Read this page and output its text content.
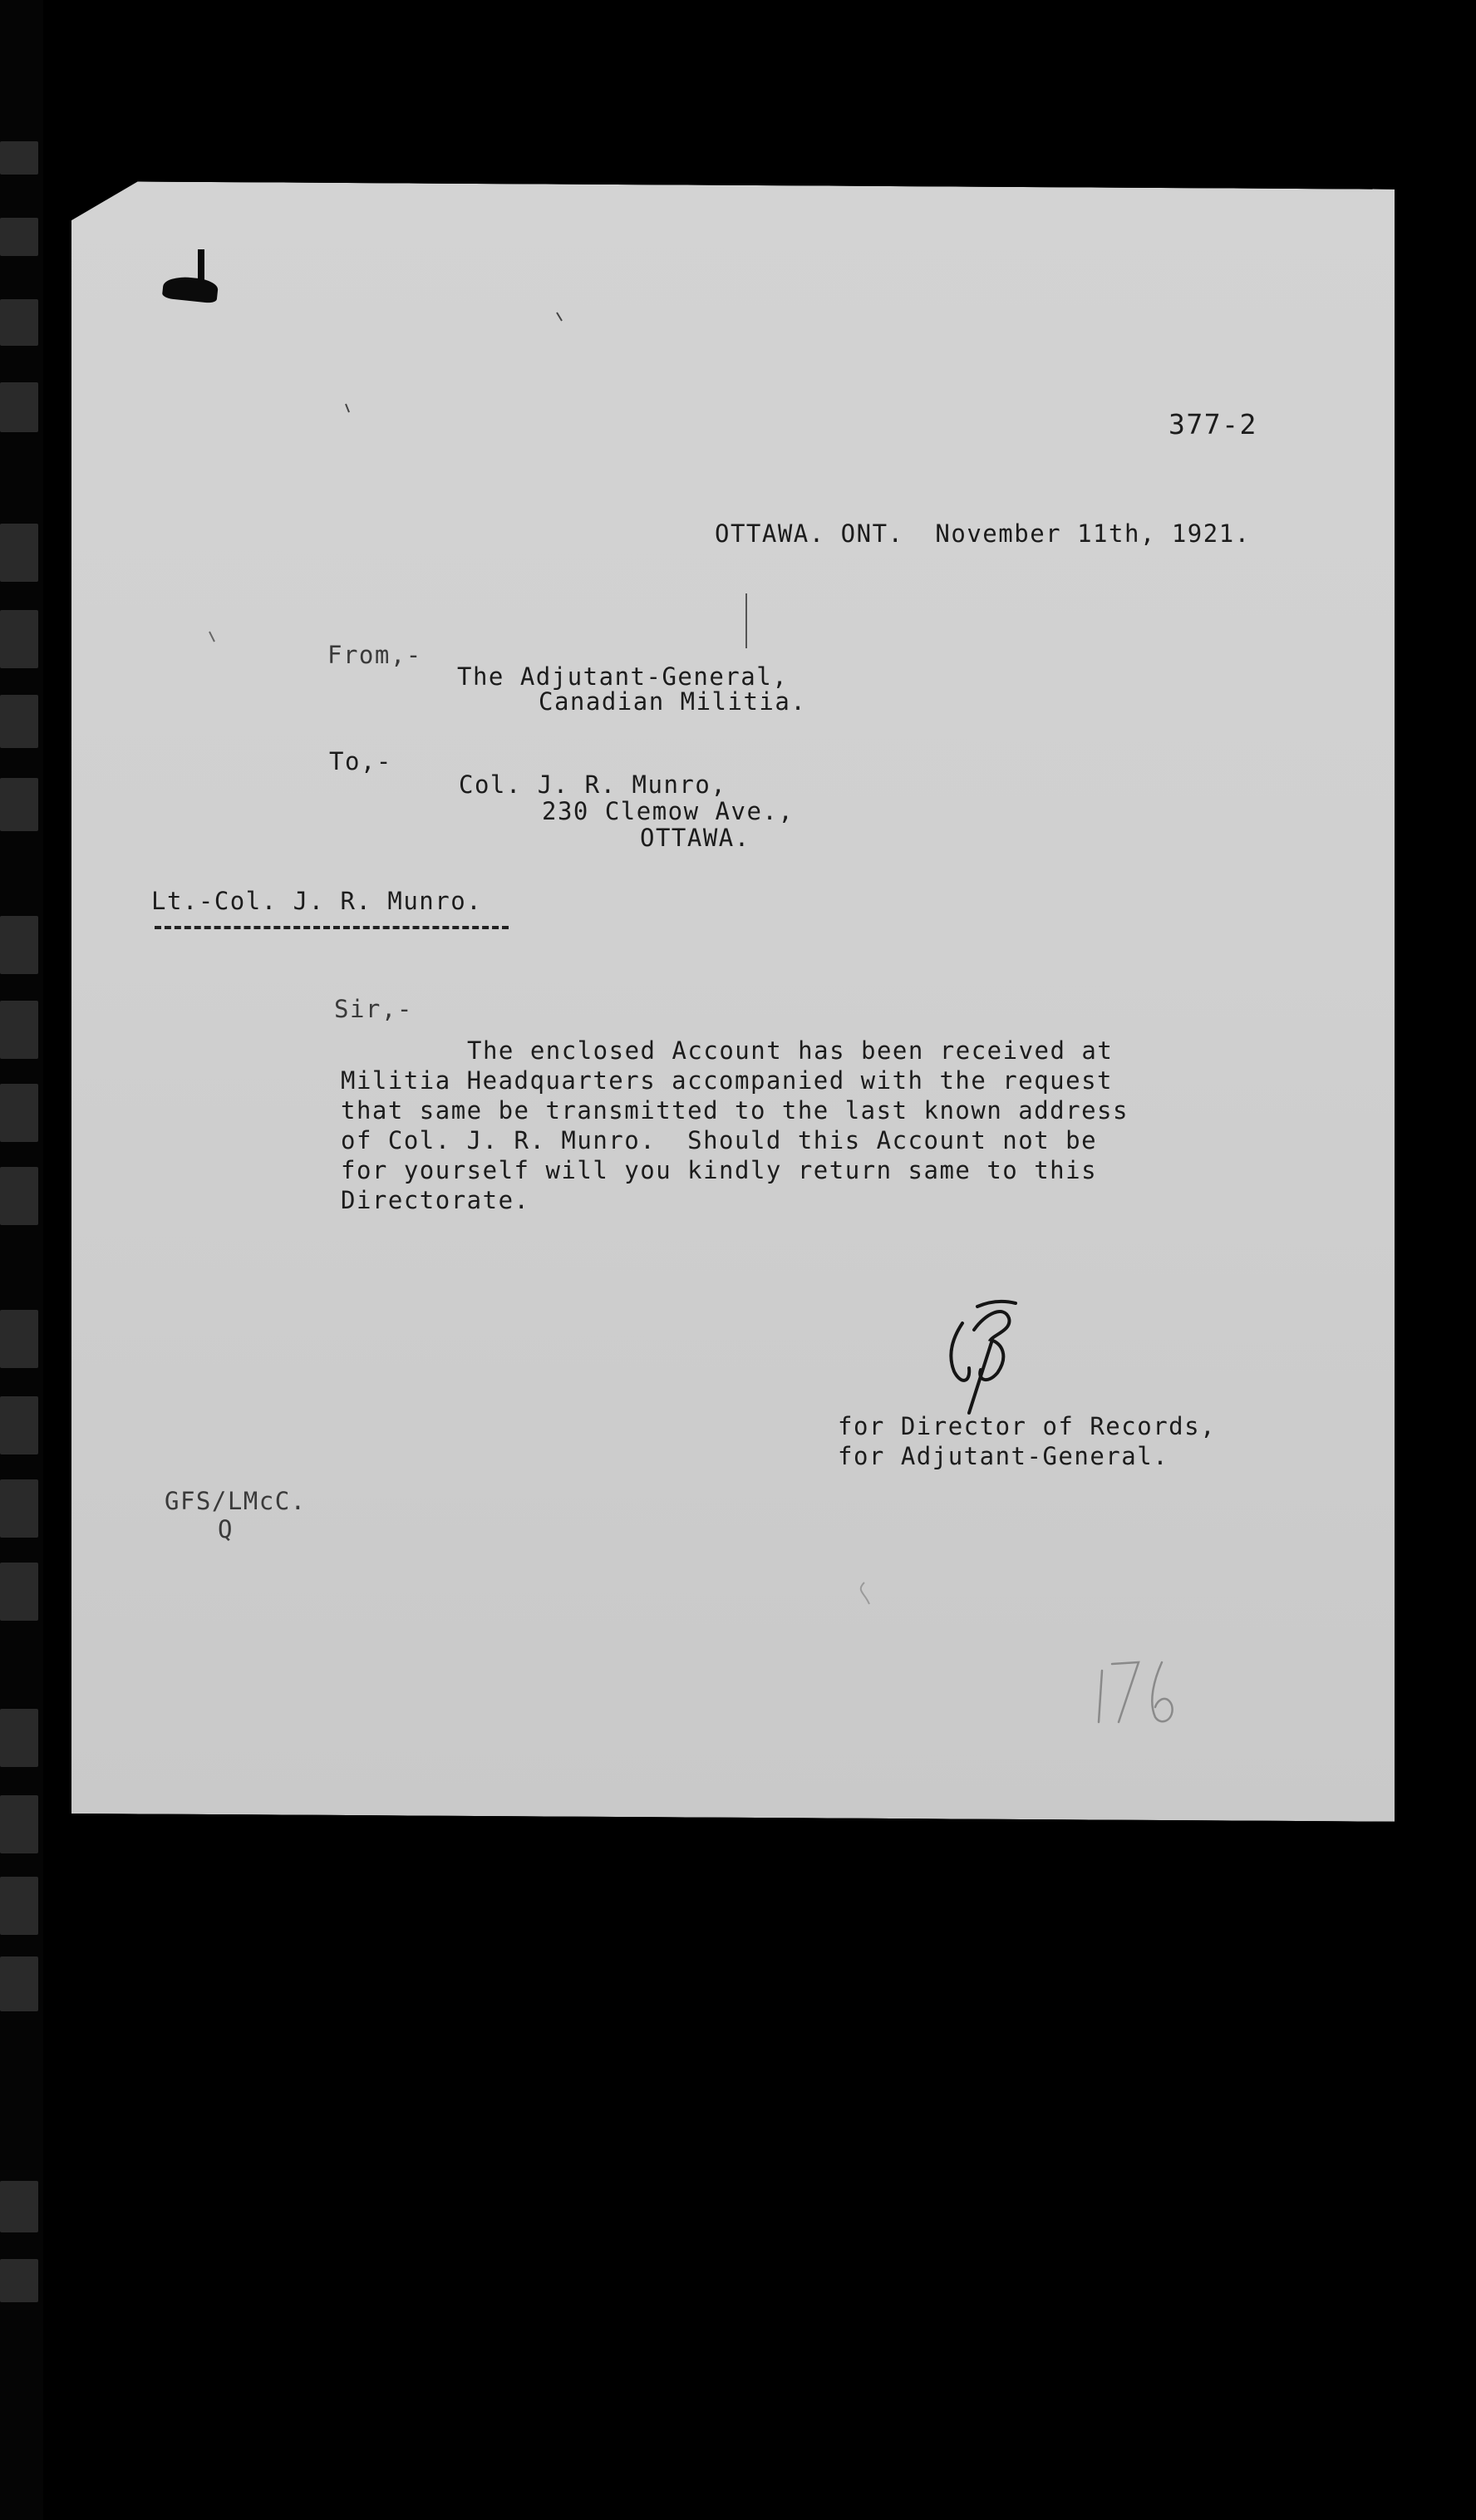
377-2
OTTAWA. ONT.  November 11th, 1921.
From,-
The Adjutant-General,
Canadian Militia.
To,-
Col. J. R. Munro,
230 Clemow Ave.,
OTTAWA.
Lt.-Col. J. R. Munro.
Sir,-
The enclosed Account has been received at
Militia Headquarters accompanied with the request
that same be transmitted to the last known address
of Col. J. R. Munro.  Should this Account not be
for yourself will you kindly return same to this
Directorate.
for Director of Records,
for Adjutant-General.
GFS/LMcC.
Q
